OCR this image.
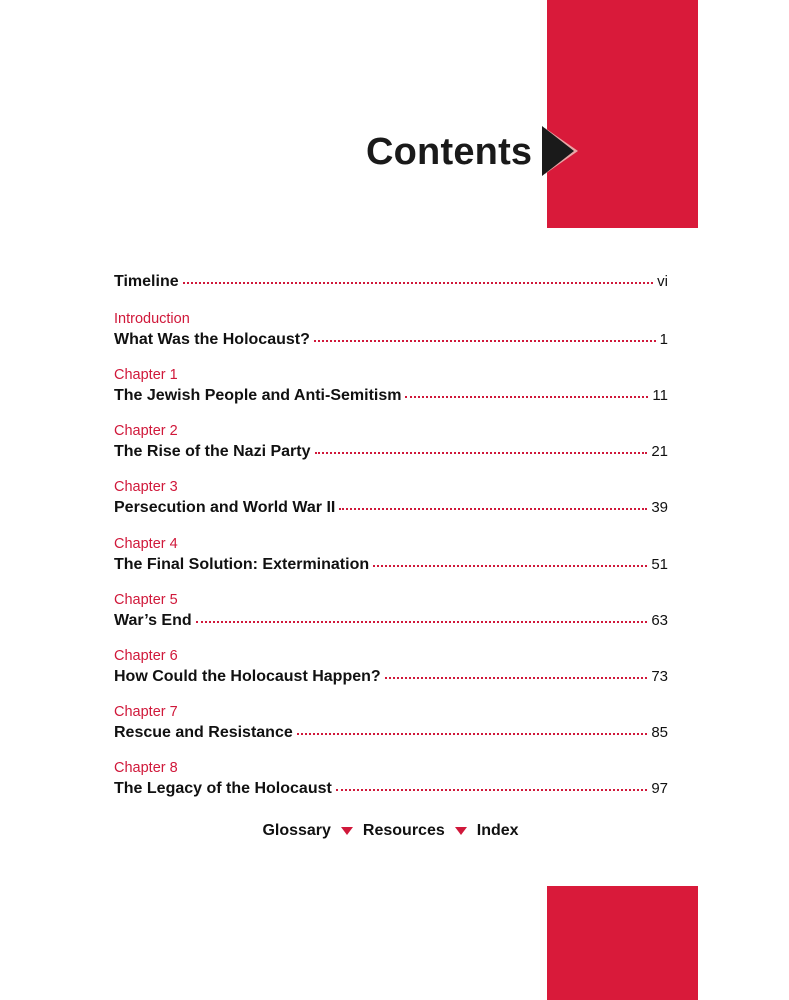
Contents
Timeline	vi
Introduction
What Was the Holocaust?	1
Chapter 1
The Jewish People and Anti-Semitism	11
Chapter 2
The Rise of the Nazi Party	21
Chapter 3
Persecution and World War II	39
Chapter 4
The Final Solution: Extermination	51
Chapter 5
War’s End	63
Chapter 6
How Could the Holocaust Happen?	73
Chapter 7
Rescue and Resistance	85
Chapter 8
The Legacy of the Holocaust	97
Glossary Resources Index
